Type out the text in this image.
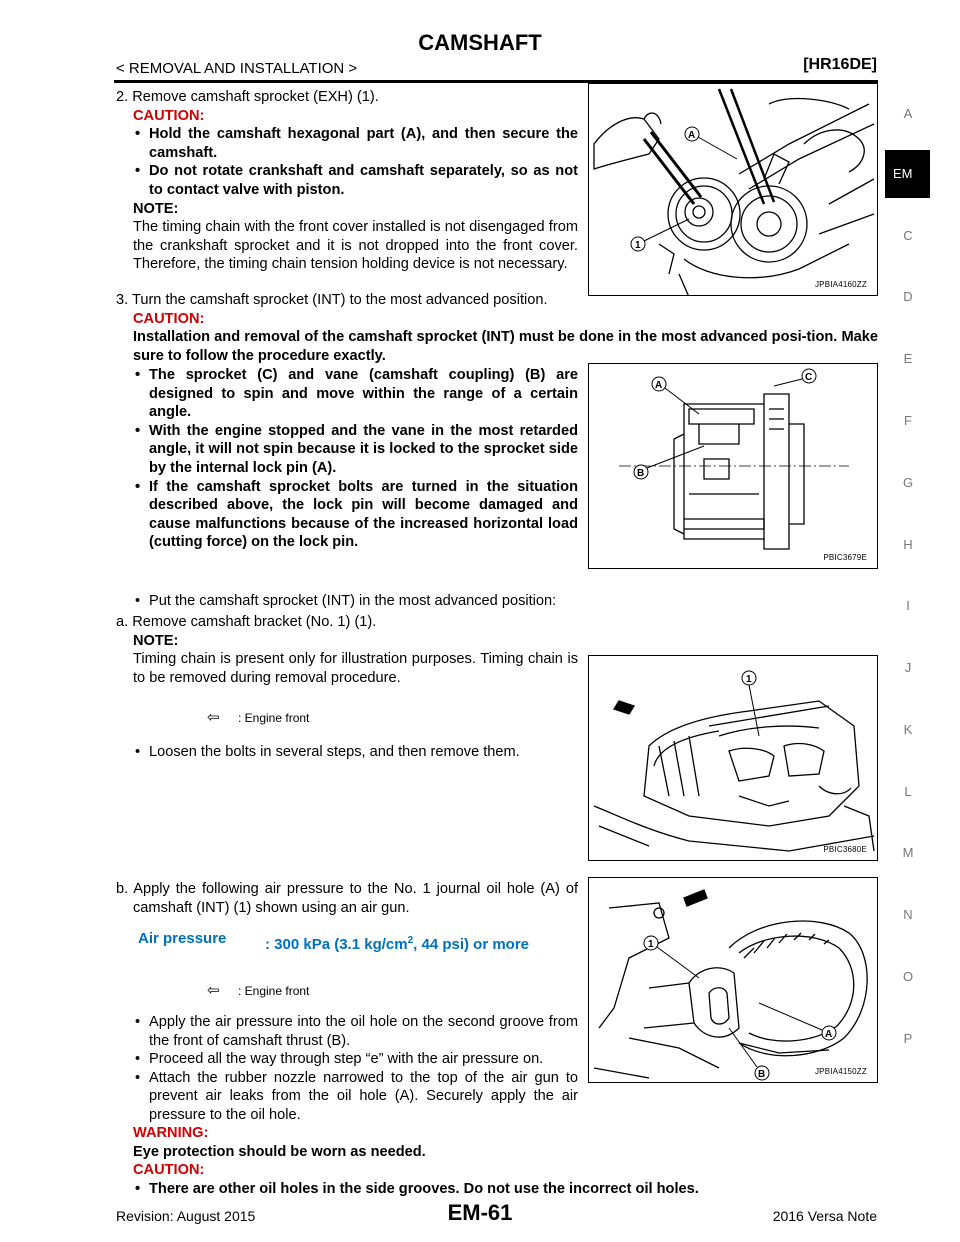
CAMSHAFT
< REMOVAL AND INSTALLATION >	[HR16DE]
A
C
D
E
F
G
H
I
J
K
L
M
N
O
P
EM
2. Remove camshaft sprocket (EXH) (1).
CAUTION:
• Hold the camshaft hexagonal part (A), and then secure the camshaft.
• Do not rotate crankshaft and camshaft separately, so as not to contact valve with piston.
NOTE:
The timing chain with the front cover installed is not disengaged from the crankshaft sprocket and it is not dropped into the front cover. Therefore, the timing chain tension holding device is not necessary.
A
1
JPBIA4160ZZ
3. Turn the camshaft sprocket (INT) to the most advanced position.
CAUTION:
Installation and removal of the camshaft sprocket (INT) must be done in the most advanced posi-tion. Make sure to follow the procedure exactly.
• The sprocket (C) and vane (camshaft coupling) (B) are designed to spin and move within the range of a certain angle.
• With the engine stopped and the vane in the most retarded angle, it will not spin because it is locked to the sprocket side by the internal lock pin (A).
• If the camshaft sprocket bolts are turned in the situation described above, the lock pin will become damaged and cause malfunctions because of the increased horizontal load (cutting force) on the lock pin.
• Put the camshaft sprocket (INT) in the most advanced position:
A
C
B
PBIC3679E
a. Remove camshaft bracket (No. 1) (1).
NOTE:
Timing chain is present only for illustration purposes. Timing chain is to be removed during removal procedure.
⇦ : Engine front
• Loosen the bolts in several steps, and then remove them.
1
PBIC3680E
b. Apply the following air pressure to the No. 1 journal oil hole (A) of camshaft (INT) (1) shown using an air gun.
Air pressure	: 300 kPa (3.1 $kg/cm^2$, 44 psi) or more
⇦ : Engine front
• Apply the air pressure into the oil hole on the second groove from the front of camshaft thrust (B).
• Proceed all the way through step “e” with the air pressure on.
• Attach the rubber nozzle narrowed to the top of the air gun to prevent air leaks from the oil hole (A). Securely apply the air pressure to the oil hole.
WARNING:
Eye protection should be worn as needed.
CAUTION:
• There are other oil holes in the side grooves. Do not use the incorrect oil holes.
1
A
B	JPBIA4150ZZ
Revision: August 2015	EM-61	2016 Versa Note
